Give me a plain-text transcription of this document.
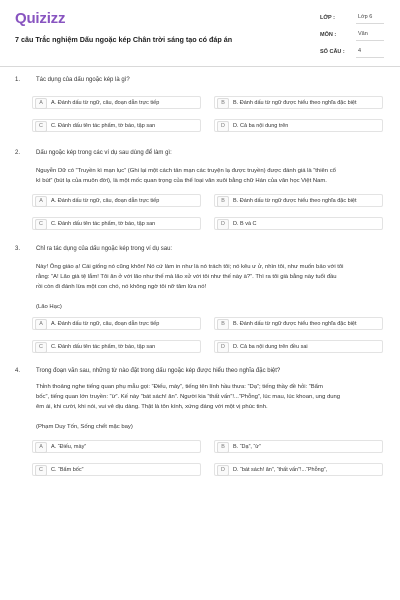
Quizizz
7 câu Trắc nghiệm Dấu ngoặc kép Chân trời sáng tạo có đáp án
LỚP :	Lớp 6
MÔN :	Văn
SỐ CÂU :	4
1.	Tác dụng của dấu ngoặc kép là gì?
A	A. Đánh dấu từ ngữ, câu, đoạn dẫn trực tiếp	B	B. Đánh dấu từ ngữ được hiểu theo nghĩa đặc biệt
C	C. Đánh dấu tên tác phẩm, tờ báo, tập san	D	D. Cả ba nội dung trên
2.	Dấu ngoặc kép trong các ví dụ sau dùng để làm gì:
Nguyễn Dữ có “Truyền kì mạn lục” (Ghi lại một cách tản mạn các truyện lạ được truyền) được đánh giá là “thiên cổ
kì bút” (bút lạ của muôn đời), là một mốc quan trọng của thể loại văn xuôi bằng chữ Hán của văn học Việt Nam.
A	A. Đánh dấu từ ngữ, câu, đoạn dẫn trực tiếp	B	B. Đánh dấu từ ngữ được hiểu theo nghĩa đặc biệt
C	C. Đánh dấu tên tác phẩm, tờ báo, tập san	D	D. B và C
3.	Chỉ ra tác dụng của dấu ngoặc kép trong ví dụ sau:
Này! Ông giáo ạ! Cái giống nó cũng khôn! Nó cứ làm in như là nó trách tôi; nó kêu ư ử, nhìn tôi, như muốn bảo với tôi
rằng: “A! Lão già tệ lắm! Tôi ăn ở với lão như thế mà lão xử với tôi như thế này à?”. Thì ra tôi già bằng này tuổi đầu
rồi còn đi đánh lừa một con chó, nó không ngờ tôi nỡ tâm lừa nó!
(Lão Hạc)
A	A. Đánh dấu từ ngữ, câu, đoạn dẫn trực tiếp	B	B. Đánh dấu từ ngữ được hiểu theo nghĩa đặc biệt
C	C. Đánh dấu tên tác phẩm, tờ báo, tập san	D	D. Cả ba nội dung trên đều sai
4.	Trong đoạn văn sau, những từ nào đặt trong dấu ngoặc kép được hiểu theo nghĩa đặc biệt?
Thỉnh thoảng nghe tiếng quan phụ mẫu gọi: “Điếu, mày”, tiếng tên lính hầu thưa: “Dạ”; tiếng thầy đề hỏi: “Bẩm
bốc”, tiếng quan lớn truyền: “ừ”. Kế này “bát sách! ăn”. Người kia “thất vấn”!...“Phỗng”, lúc mau, lúc khoan, ung dung
êm ái, khi cười, khi nói, vui vẻ dịu dàng. Thật là tôn kính, xứng đáng với một vị phúc tinh.
(Phạm Duy Tốn, Sống chết mặc bay)
A	A. “Điếu, mày”	B	B. “Dạ”, “ừ”
C	C. “Bẩm bốc”	D	D. “bát sách! ăn”, “thất vấn”!...“Phỗng”,
